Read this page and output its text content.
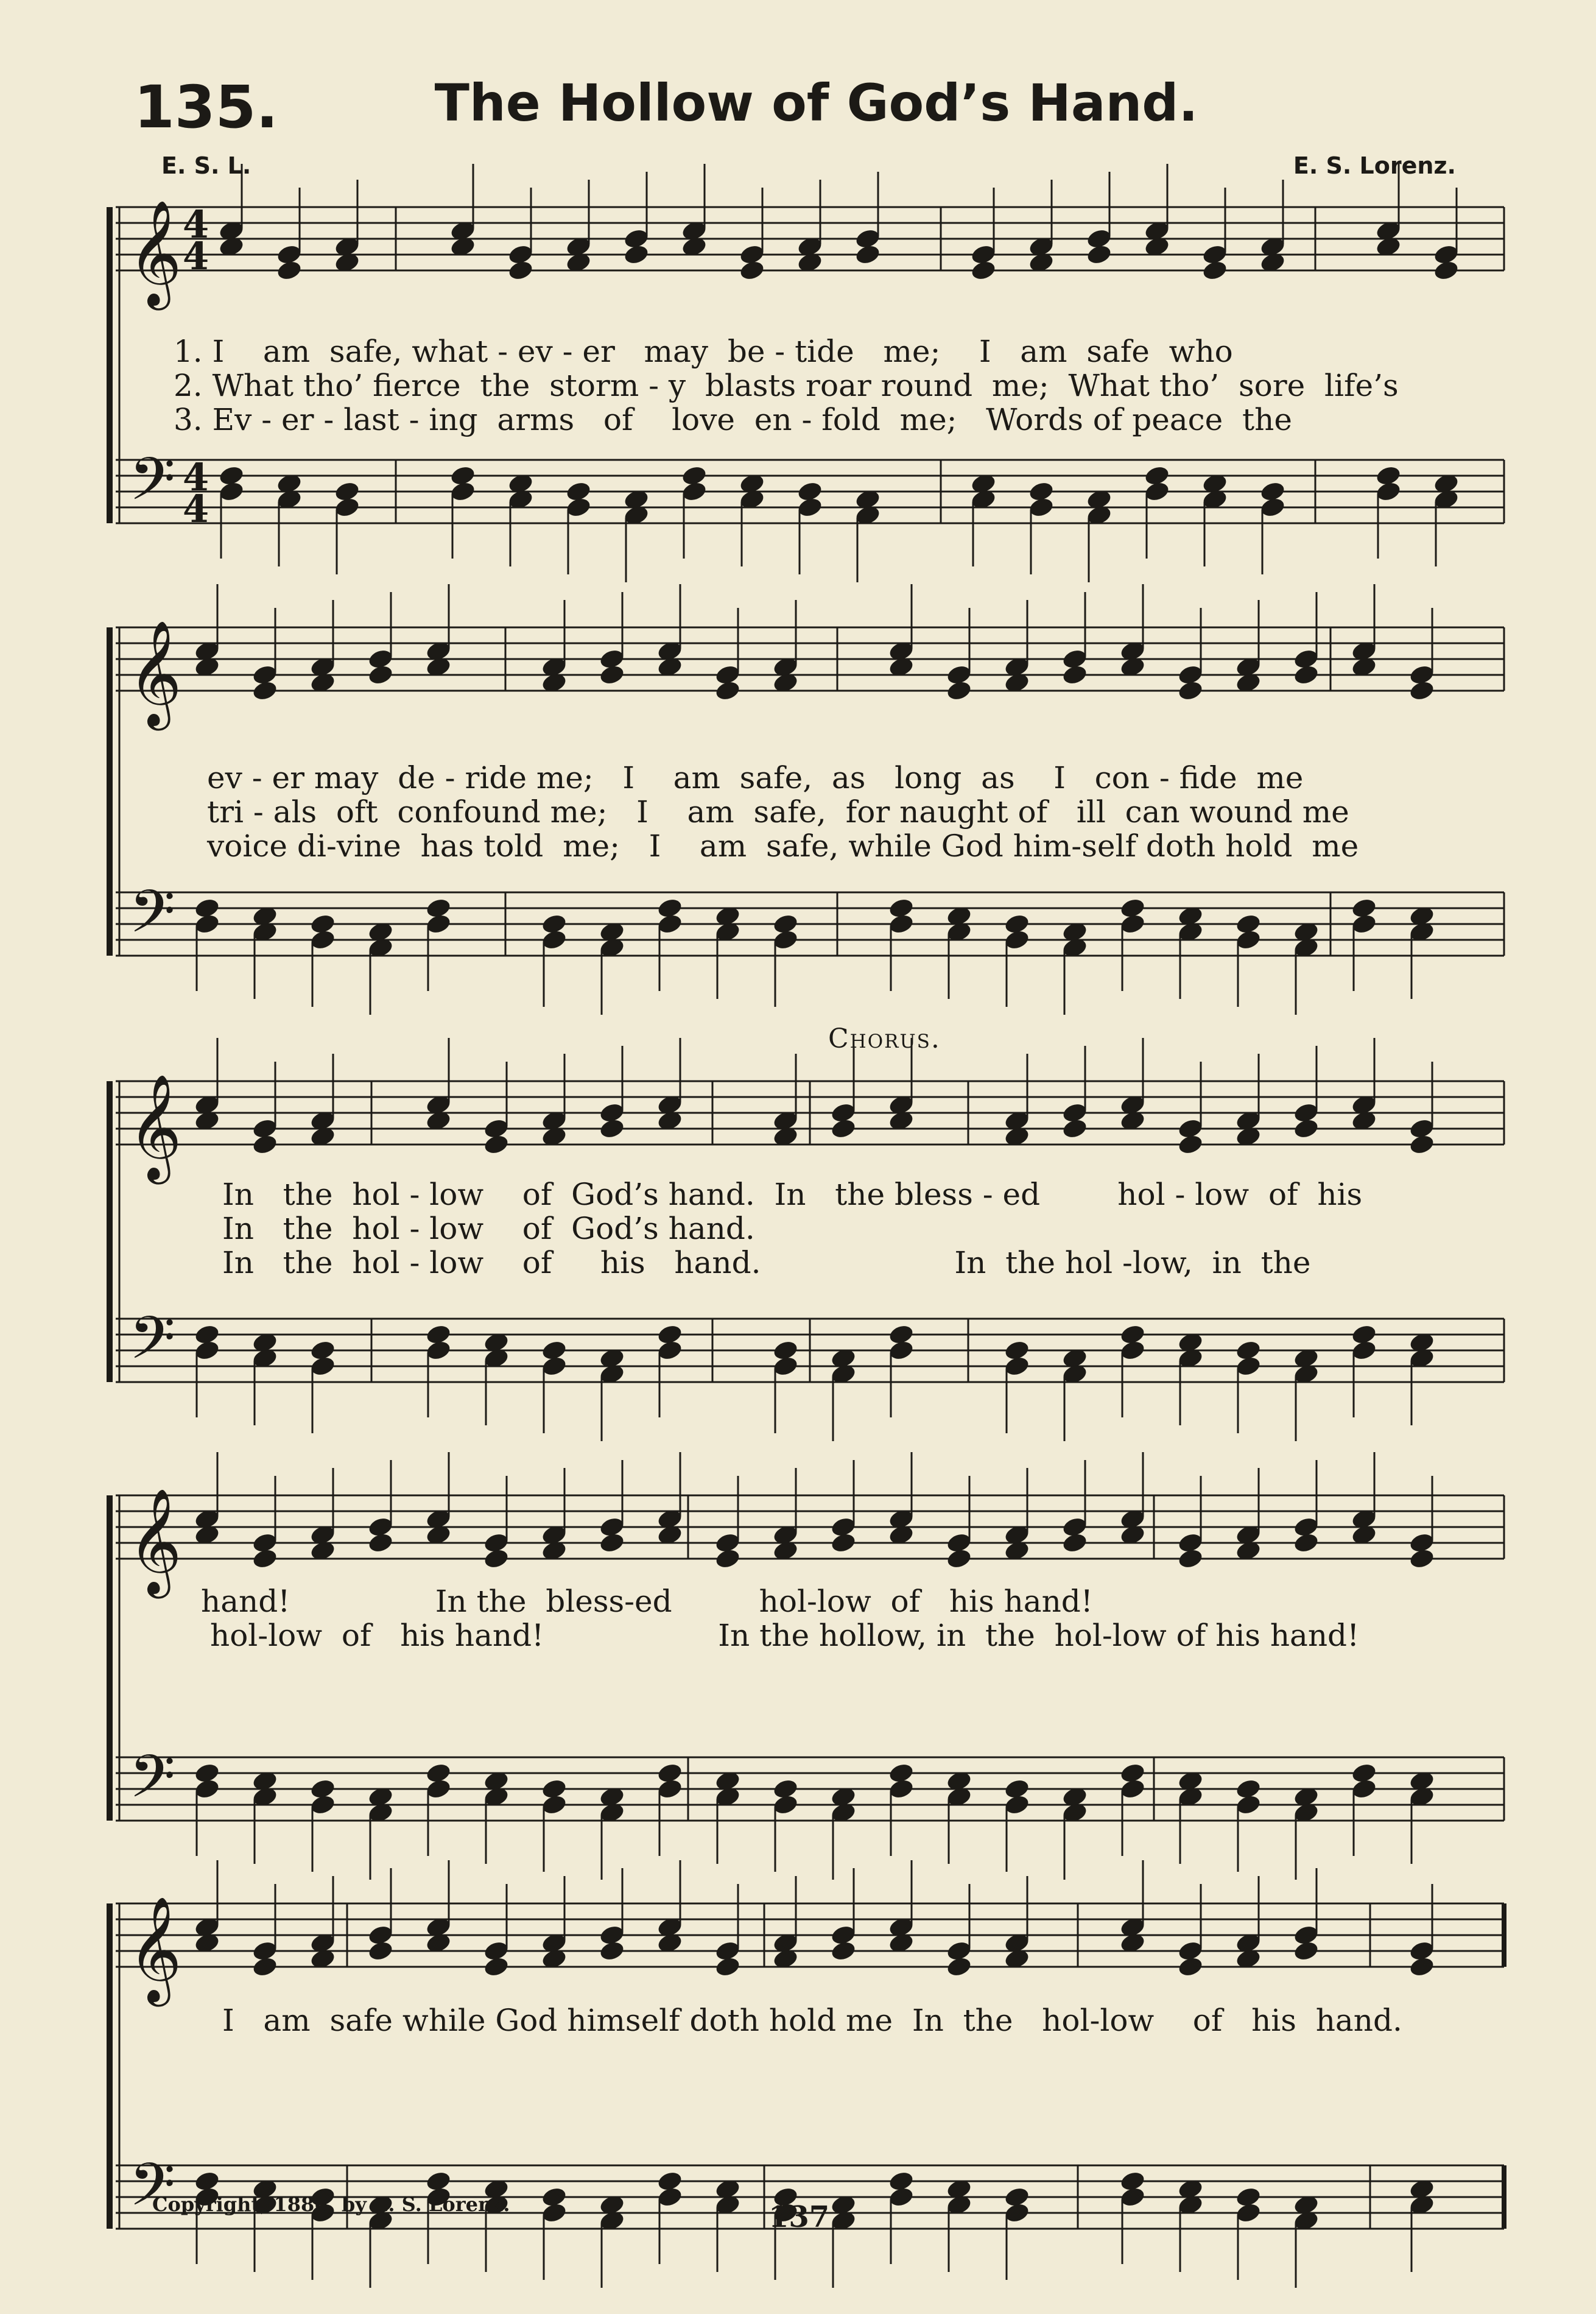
135.	The Hollow of God’s Hand.
E. S. L.	E. S. Lorenz.
𝄞
𝄢
𝄞
𝄢
𝄞
𝄢
𝄞
𝄢
𝄞
𝄢
4
4
4
4
1. I    am  safe, what - ev - er   may  be - tide   me;    I   am  safe  who
2. What tho’ fierce  the  storm - y  blasts roar round  me;  What tho’  sore  life’s
3. Ev - er - last - ing  arms   of    love  en - fold  me;   Words of peace  the
ev - er may  de - ride me;   I    am  safe,  as   long  as    I   con - fide  me
tri - als  oft  confound me;   I    am  safe,  for naught of   ill  can wound me
voice di-vine  has told  me;   I    am  safe, while God him-self doth hold  me
Chorus.
In   the  hol - low    of  God’s hand.  In   the bless - ed        hol - low  of  his
In   the  hol - low    of  God’s hand.
In   the  hol - low    of     his   hand.                    In  the hol -low,  in  the
hand!               In the  bless-ed         hol-low  of   his hand!
hol-low  of   his hand!                  In the hollow, in  the  hol-low of his hand!
I   am  safe while God himself doth hold me  In  the   hol-low    of   his  hand.
Copyright, 1886, by E. S. Lorenz.	137
